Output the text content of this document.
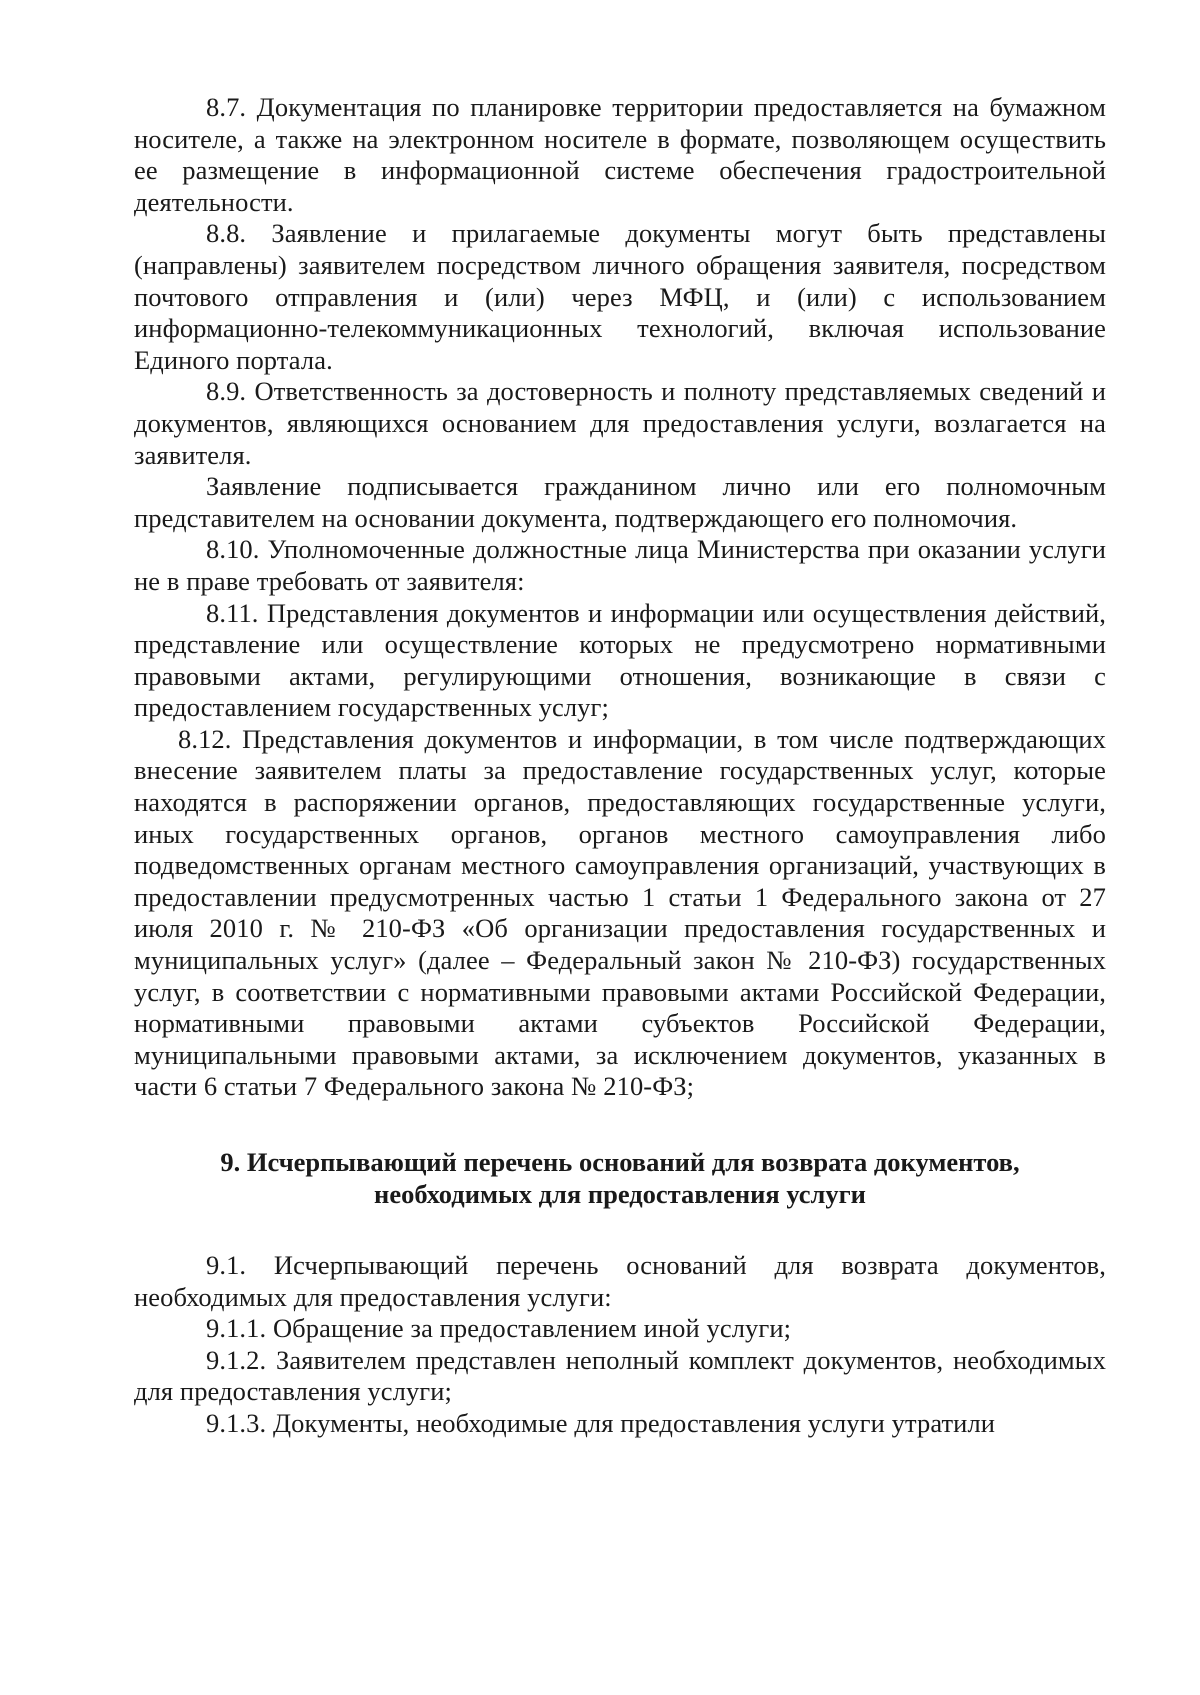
8.7. Документация по планировке территории предоставляется на бумажном носителе, а также на электронном носителе в формате, позволяющем осуществить ее размещение в информационной системе обеспечения градостроительной деятельности.

8.8. Заявление и прилагаемые документы могут быть представлены (направлены) заявителем посредством личного обращения заявителя, посредством почтового отправления и (или) через МФЦ, и (или) с использованием информационно-телекоммуникационных технологий, включая использование Единого портала.

8.9. Ответственность за достоверность и полноту представляемых сведений и документов, являющихся основанием для предоставления услуги, возлагается на заявителя.

Заявление подписывается гражданином лично или его полномочным представителем на основании документа, подтверждающего его полномочия.

8.10. Уполномоченные должностные лица Министерства при оказании услуги не в праве требовать от заявителя:

8.11. Представления документов и информации или осуществления действий, представление или осуществление которых не предусмотрено нормативными правовыми актами, регулирующими отношения, возникающие в связи с предоставлением государственных услуг;

8.12. Представления документов и информации, в том числе подтверждающих внесение заявителем платы за предоставление государственных услуг, которые находятся в распоряжении органов, предоставляющих государственные услуги, иных государственных органов, органов местного самоуправления либо подведомственных органам местного самоуправления организаций, участвующих в предоставлении предусмотренных частью 1 статьи 1 Федерального закона от 27 июля 2010 г. № 210-ФЗ «Об организации предоставления государственных и муниципальных услуг» (далее – Федеральный закон № 210-ФЗ) государственных услуг, в соответствии с нормативными правовыми актами Российской Федерации, нормативными правовыми актами субъектов Российской Федерации, муниципальными правовыми актами, за исключением документов, указанных в части 6 статьи 7 Федерального закона № 210-ФЗ;

9. Исчерпывающий перечень оснований для возврата документов,
необходимых для предоставления услуги

9.1. Исчерпывающий перечень оснований для возврата документов, необходимых для предоставления услуги:

9.1.1. Обращение за предоставлением иной услуги;

9.1.2. Заявителем представлен неполный комплект документов, необходимых для предоставления услуги;

9.1.3. Документы, необходимые для предоставления услуги утратили
